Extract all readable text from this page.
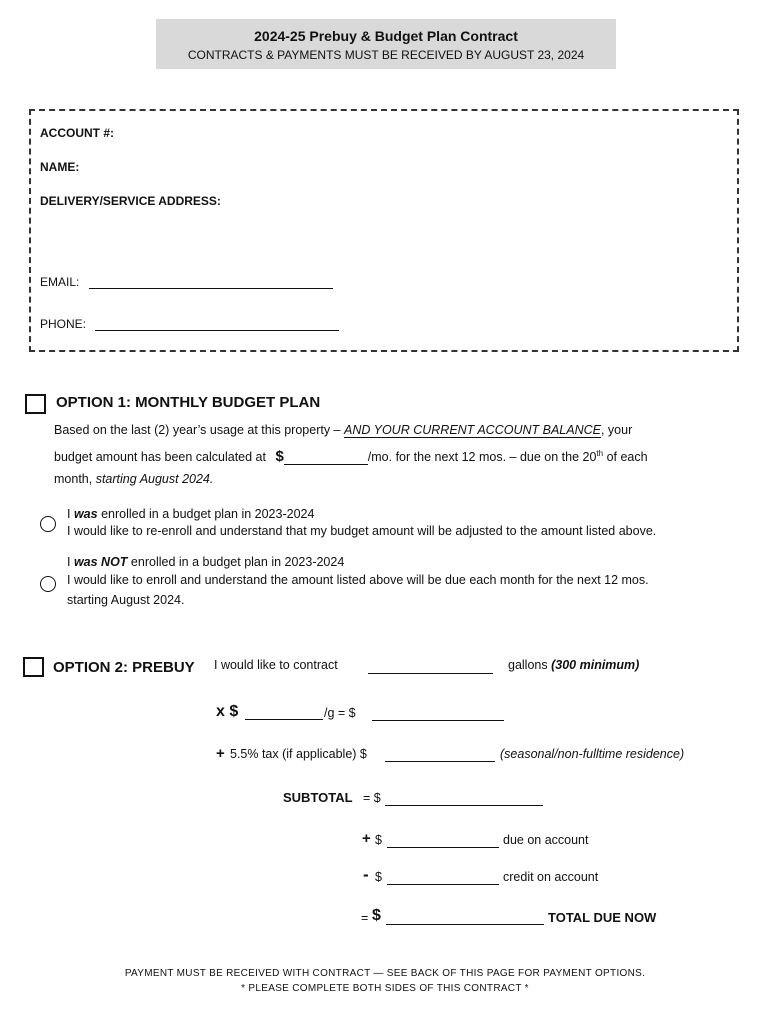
2024-25 Prebuy & Budget Plan Contract
CONTRACTS & PAYMENTS MUST BE RECEIVED BY AUGUST 23, 2024
ACCOUNT #:
NAME:
DELIVERY/SERVICE ADDRESS:
EMAIL:
PHONE:
OPTION 1: MONTHLY BUDGET PLAN
Based on the last (2) year’s usage at this property – AND YOUR CURRENT ACCOUNT BALANCE, your
budget amount has been calculated at $	/mo. for the next 12 mos. – due on the 20th of each
month, starting August 2024.
I was enrolled in a budget plan in 2023-2024
I would like to re-enroll and understand that my budget amount will be adjusted to the amount listed above.
I was NOT enrolled in a budget plan in 2023-2024
I would like to enroll and understand the amount listed above will be due each month for the next 12 mos.
starting August 2024.
OPTION 2: PREBUY I would like to contract	gallons (300 minimum)
x $	/g = $
+ 5.5% tax (if applicable) $	(seasonal/non-fulltime residence)
SUBTOTAL = $
+ $	due on account
- $	credit on account
= $	TOTAL DUE NOW
PAYMENT MUST BE RECEIVED WITH CONTRACT — SEE BACK OF THIS PAGE FOR PAYMENT OPTIONS.
* PLEASE COMPLETE BOTH SIDES OF THIS CONTRACT *
